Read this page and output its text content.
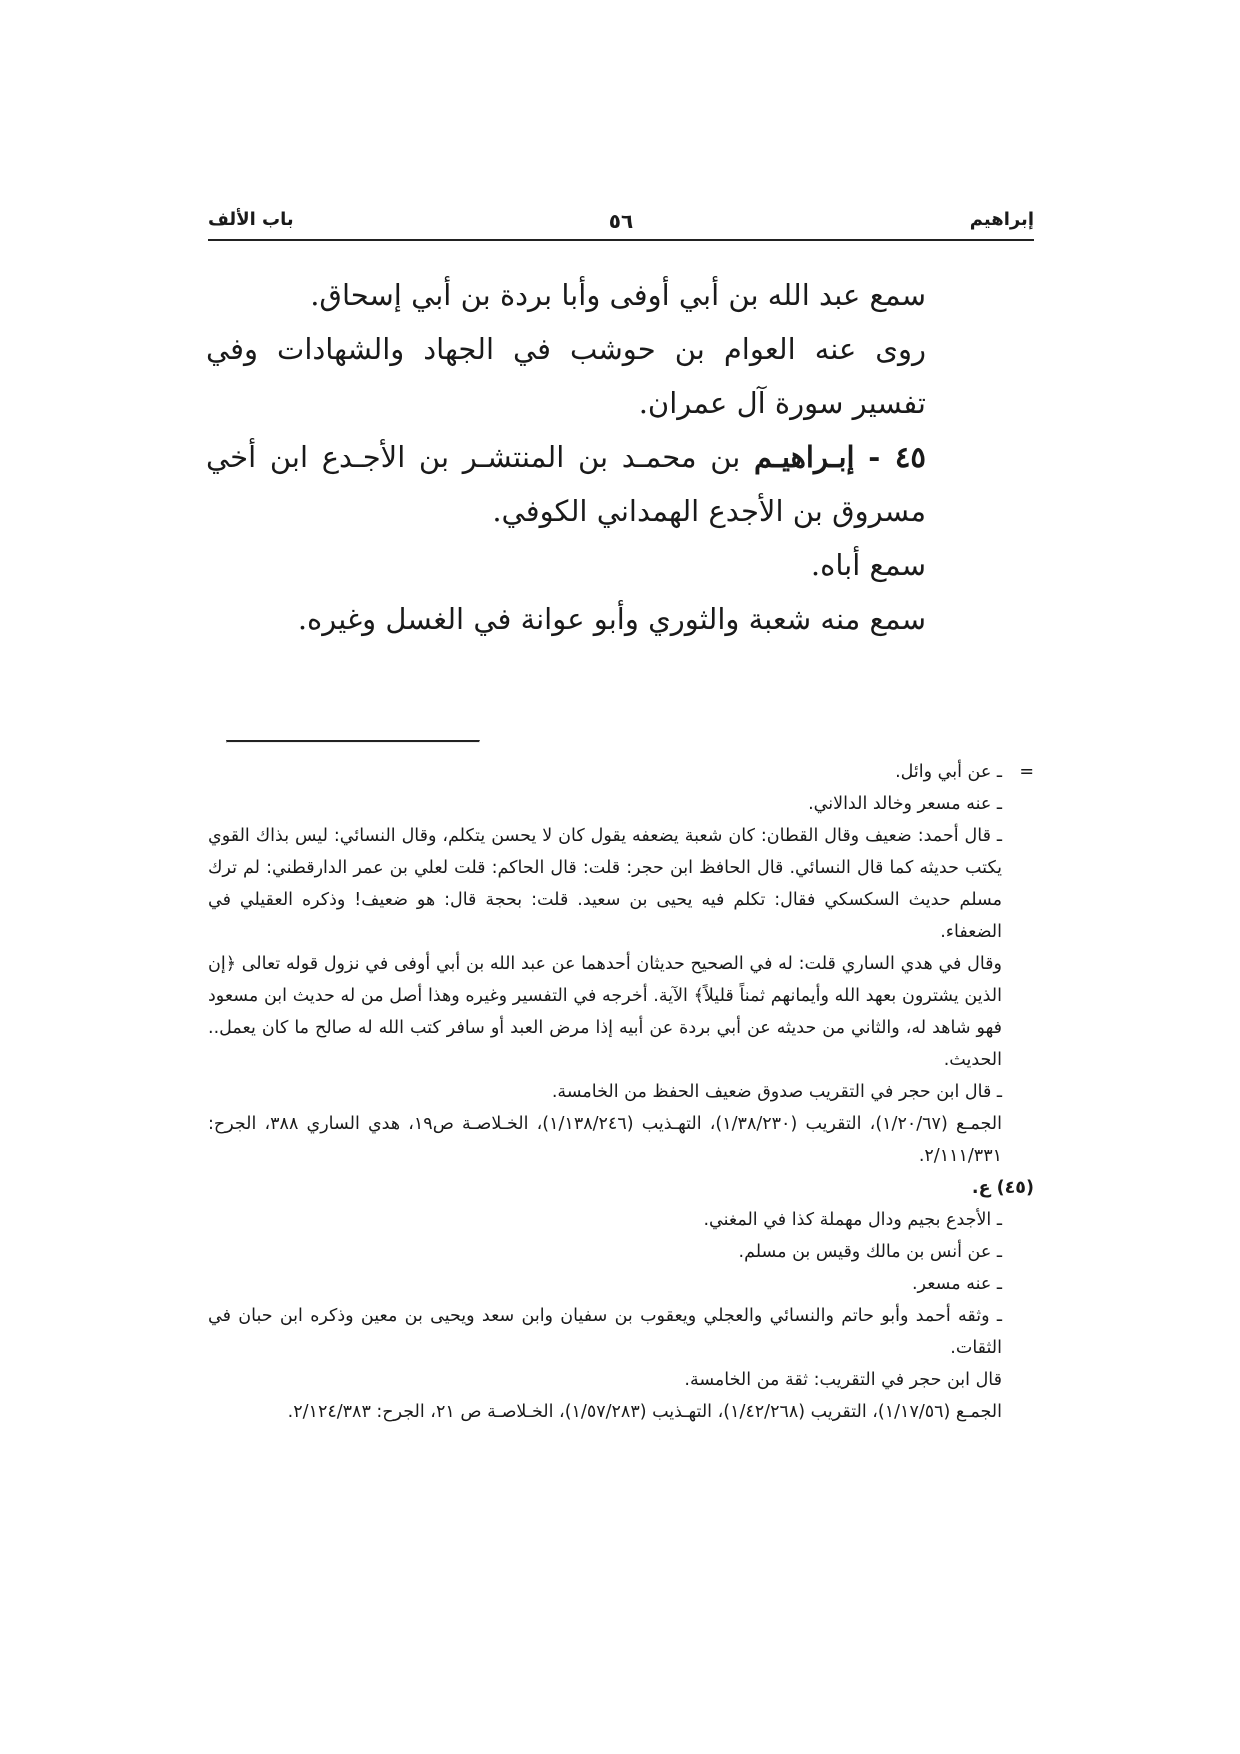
إبراهيم
٥٦
باب الألف

سمع عبد الله بن أبي أوفى وأبا بردة بن أبي إسحاق.

روى عنه العوام بن حوشب في الجهاد والشهادات وفي تفسير سورة آل عمران.

٤٥ - إبـراهيـم بن محمـد بن المنتشـر بن الأجـدع ابن أخي مسروق بن الأجدع الهمداني الكوفي.

سمع أباه.

سمع منه شعبة والثوري وأبو عوانة في الغسل وغيره.

=

ـ عن أبي وائل.

ـ عنه مسعر وخالد الدالاني.

ـ قال أحمد: ضعيف وقال القطان: كان شعبة يضعفه يقول كان لا يحسن يتكلم، وقال النسائي: ليس بذاك القوي يكتب حديثه كما قال النسائي. قال الحافظ ابن حجر: قلت: قال الحاكم: قلت لعلي بن عمر الدارقطني: لم ترك مسلم حديث السكسكي فقال: تكلم فيه يحيى بن سعيد. قلت: بحجة قال: هو ضعيف! وذكره العقيلي في الضعفاء.

وقال في هدي الساري قلت: له في الصحيح حديثان أحدهما عن عبد الله بن أبي أوفى في نزول قوله تعالى ﴿إن الذين يشترون بعهد الله وأيمانهم ثمناً قليلاً﴾ الآية. أخرجه في التفسير وغيره وهذا أصل من له حديث ابن مسعود فهو شاهد له، والثاني من حديثه عن أبي بردة عن أبيه إذا مرض العبد أو سافر كتب الله له صالح ما كان يعمل.. الحديث.

ـ قال ابن حجر في التقريب صدوق ضعيف الحفظ من الخامسة.

الجمـع (١/٢٠/٦٧)، التقريب (١/٣٨/٢٣٠)، التهـذيب (١/١٣٨/٢٤٦)، الخـلاصـة ص١٩، هدي الساري ٣٨٨، الجرح: ٢/١١١/٣٣١.

(٤٥) ع.

ـ الأجدع بجيم ودال مهملة كذا في المغني.

ـ عن أنس بن مالك وقيس بن مسلم.

ـ عنه مسعر.

ـ وثقه أحمد وأبو حاتم والنسائي والعجلي ويعقوب بن سفيان وابن سعد ويحيى بن معين وذكره ابن حبان في الثقات.

قال ابن حجر في التقريب: ثقة من الخامسة.

الجمـع (١/١٧/٥٦)، التقريب (١/٤٢/٢٦٨)، التهـذيب (١/٥٧/٢٨٣)، الخـلاصـة ص ٢١، الجرح: ٢/١٢٤/٣٨٣.
